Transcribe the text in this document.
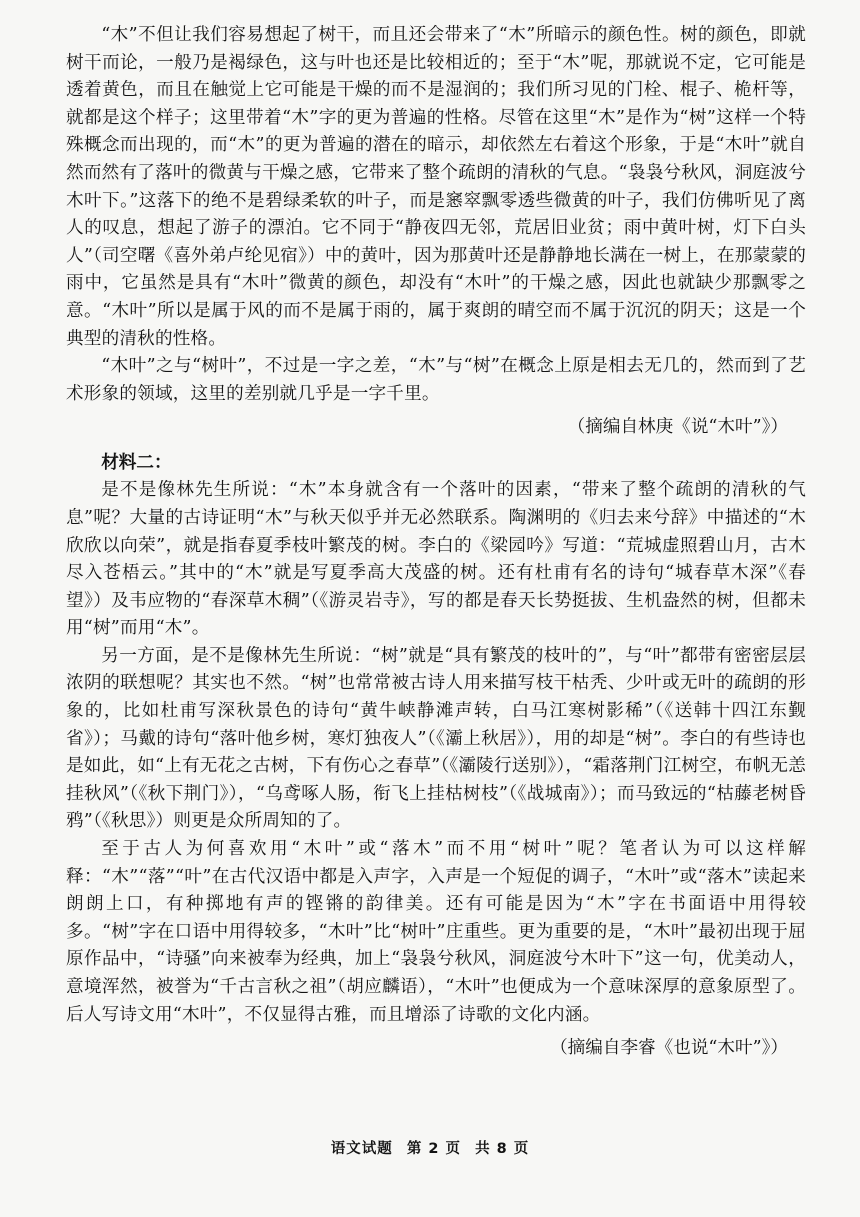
“木”不但让我们容易想起了树干，而且还会带来了“木”所暗示的颜色性。树的颜色，即就树干而论，一般乃是褐绿色，这与叶也还是比较相近的；至于“木”呢，那就说不定，它可能是透着黄色，而且在触觉上它可能是干燥的而不是湿润的；我们所习见的门栓、棍子、桅杆等，就都是这个样子；这里带着“木”字的更为普遍的性格。尽管在这里“木”是作为“树”这样一个特殊概念而出现的，而“木”的更为普遍的潜在的暗示，却依然左右着这个形象，于是“木叶”就自然而然有了落叶的微黄与干燥之感，它带来了整个疏朗的清秋的气息。“袅袅兮秋风，洞庭波兮木叶下。”这落下的绝不是碧绿柔软的叶子，而是窸窣飘零透些微黄的叶子，我们仿佛听见了离人的叹息，想起了游子的漂泊。它不同于“静夜四无邻，荒居旧业贫；雨中黄叶树，灯下白头人”（司空曙《喜外弟卢纶见宿》）中的黄叶，因为那黄叶还是静静地长满在一树上，在那蒙蒙的雨中，它虽然是具有“木叶”微黄的颜色，却没有“木叶”的干燥之感，因此也就缺少那飘零之意。“木叶”所以是属于风的而不是属于雨的，属于爽朗的晴空而不属于沉沉的阴天；这是一个典型的清秋的性格。

“木叶”之与“树叶”，不过是一字之差，“木”与“树”在概念上原是相去无几的，然而到了艺术形象的领域，这里的差别就几乎是一字千里。

（摘编自林庚《说“木叶”》）

材料二：

是不是像林先生所说：“木”本身就含有一个落叶的因素，“带来了整个疏朗的清秋的气息”呢？大量的古诗证明“木”与秋天似乎并无必然联系。陶渊明的《归去来兮辞》中描述的“木欣欣以向荣”，就是指春夏季枝叶繁茂的树。李白的《梁园吟》写道：“荒城虚照碧山月，古木尽入苍梧云。”其中的“木”就是写夏季高大茂盛的树。还有杜甫有名的诗句“城春草木深”《春望》）及韦应物的“春深草木稠”（《游灵岩寺》，写的都是春天长势挺拔、生机盎然的树，但都未用“树”而用“木”。

另一方面，是不是像林先生所说：“树”就是“具有繁茂的枝叶的”，与“叶”都带有密密层层浓阴的联想呢？其实也不然。“树”也常常被古诗人用来描写枝干枯秃、少叶或无叶的疏朗的形象的，比如杜甫写深秋景色的诗句“黄牛峡静滩声转，白马江寒树影稀”（《送韩十四江东觐省》）；马戴的诗句“落叶他乡树，寒灯独夜人”（《灞上秋居》），用的却是“树”。李白的有些诗也是如此，如“上有无花之古树，下有伤心之春草”（《灞陵行送别》），“霜落荆门江树空，布帆无恙挂秋风”（《秋下荆门》），“乌鸢啄人肠，衔飞上挂枯树枝”（《战城南》）；而马致远的“枯藤老树昏鸦”（《秋思》）则更是众所周知的了。

至于古人为何喜欢用“木叶”或“落木”而不用“树叶”呢？笔者认为可以这样解释：“木”“落”“叶”在古代汉语中都是入声字，入声是一个短促的调子，“木叶”或“落木”读起来朗朗上口，有种掷地有声的铿锵的韵律美。还有可能是因为“木”字在书面语中用得较多。“树”字在口语中用得较多，“木叶”比“树叶”庄重些。更为重要的是，“木叶”最初出现于屈原作品中，“诗骚”向来被奉为经典，加上“袅袅兮秋风，洞庭波兮木叶下”这一句，优美动人，意境浑然，被誉为“千古言秋之祖”（胡应麟语），“木叶”也便成为一个意味深厚的意象原型了。后人写诗文用“木叶”，不仅显得古雅，而且增添了诗歌的文化内涵。

（摘编自李睿《也说“木叶”》）

语文试题 第 2 页 共 8 页
